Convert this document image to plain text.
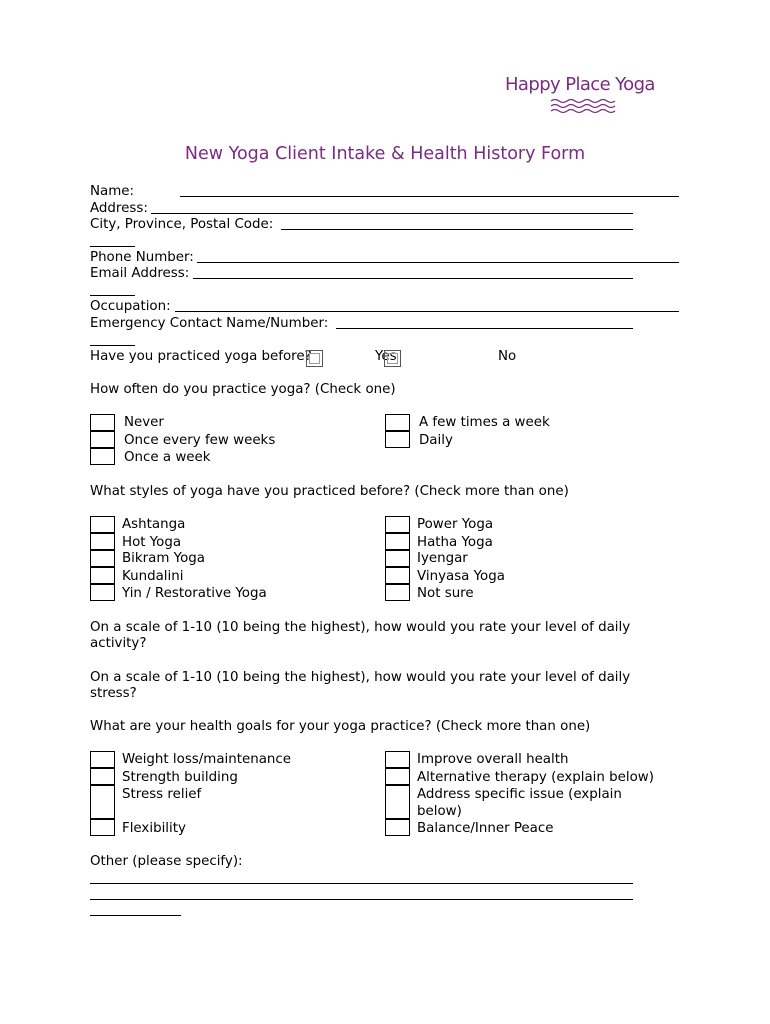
Happy Place Yoga
New Yoga Client Intake & Health History Form
Name:
Address:
City, Province, Postal Code:
Phone Number:
Email Address:
Occupation:
Emergency Contact Name/Number:
Have you practiced yoga before?	Yes	No
How often do you practice yoga? (Check one)
Never
Once every few weeks
Once a week
A few times a week
Daily
What styles of yoga have you practiced before? (Check more than one)
Ashtanga
Hot Yoga
Bikram Yoga
Kundalini
Yin / Restorative Yoga
Power Yoga
Hatha Yoga
Iyengar
Vinyasa Yoga
Not sure
On a scale of 1-10 (10 being the highest), how would you rate your level of daily
activity?
On a scale of 1-10 (10 being the highest), how would you rate your level of daily
stress?
What are your health goals for your yoga practice? (Check more than one)
Weight loss/maintenance
Strength building
Stress relief
Flexibility
Improve overall health
Alternative therapy (explain below)
Address specific issue (explain
below)
Balance/Inner Peace
Other (please specify):
